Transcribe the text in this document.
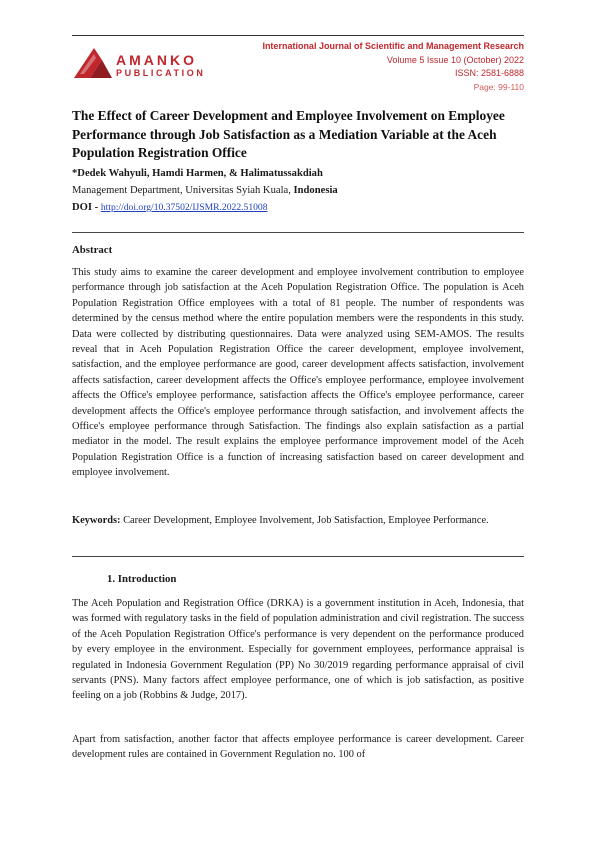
AMANKO
PUBLICATION
International Journal of Scientific and Management Research
Volume 5 Issue 10 (October) 2022
ISSN: 2581-6888
Page: 99-110
The Effect of Career Development and Employee Involvement on Employee Performance through Job Satisfaction as a Mediation Variable at the Aceh Population Registration Office
*Dedek Wahyuli, Hamdi Harmen, & Halimatussakdiah
Management Department, Universitas Syiah Kuala, Indonesia
DOI - http://doi.org/10.37502/IJSMR.2022.51008
Abstract
This study aims to examine the career development and employee involvement contribution to employee performance through job satisfaction at the Aceh Population Registration Office. The population is Aceh Population Registration Office employees with a total of 81 people. The number of respondents was determined by the census method where the entire population members were the respondents in this study. Data were collected by distributing questionnaires. Data were analyzed using SEM-AMOS. The results reveal that in Aceh Population Registration Office the career development, employee involvement, satisfaction, and the employee performance are good, career development affects satisfaction, involvement affects satisfaction, career development affects the Office's employee performance, employee involvement affects the Office's employee performance, satisfaction affects the Office's employee performance, career development affects the Office's employee performance through satisfaction, and involvement affects the Office's employee performance through Satisfaction. The findings also explain satisfaction as a partial mediator in the model. The result explains the employee performance improvement model of the Aceh Population Registration Office is a function of increasing satisfaction based on career development and employee involvement.
Keywords: Career Development, Employee Involvement, Job Satisfaction, Employee Performance.
1. Introduction
The Aceh Population and Registration Office (DRKA) is a government institution in Aceh, Indonesia, that was formed with regulatory tasks in the field of population administration and civil registration. The success of the Aceh Population Registration Office's performance is very dependent on the performance produced by every employee in the environment. Especially for government employees, performance appraisal is regulated in Indonesia Government Regulation (PP) No 30/2019 regarding performance appraisal of civil servants (PNS). Many factors affect employee performance, one of which is job satisfaction, as positive feeling on a job (Robbins & Judge, 2017).
Apart from satisfaction, another factor that affects employee performance is career development. Career development rules are contained in Government Regulation no. 100 of
